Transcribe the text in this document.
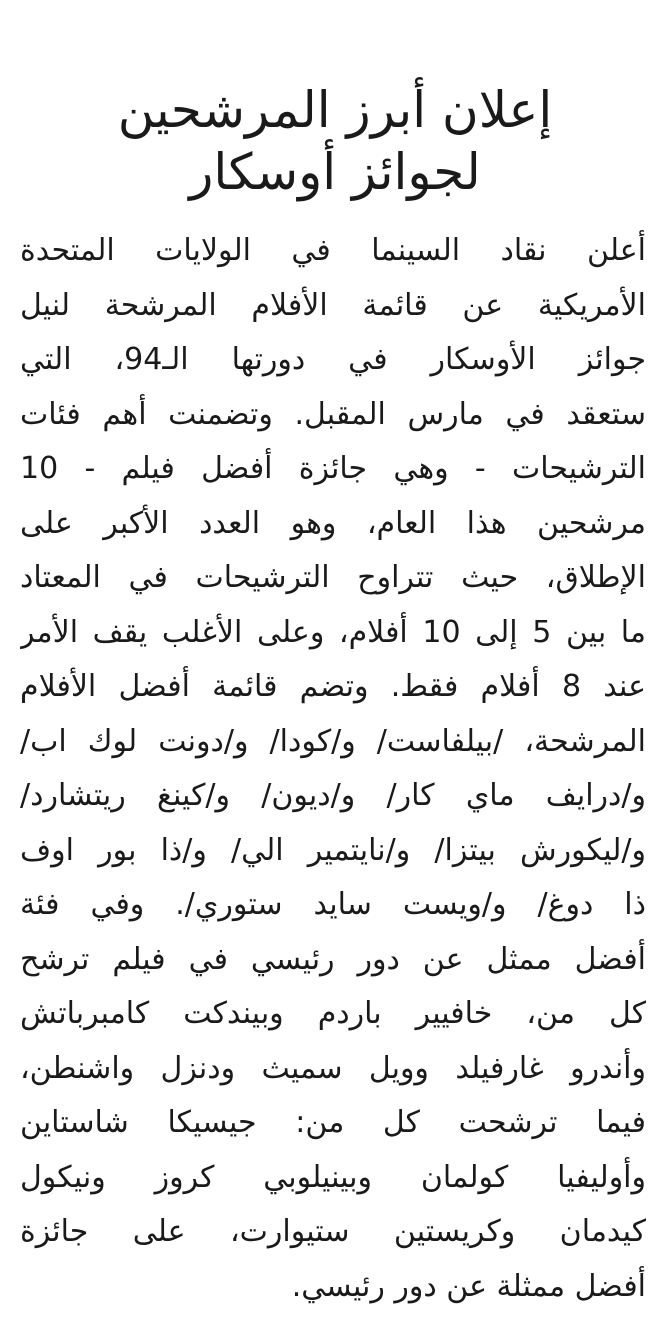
إعلان أبرز المرشحين
لجوائز أوسكار
أعلن نقاد السينما في الولايات المتحدة
الأمريكية عن قائمة الأفلام المرشحة لنيل
جوائز الأوسكار في دورتها الـ94، التي
ستعقد في مارس المقبل. وتضمنت أهم فئات
الترشيحات - وهي جائزة أفضل فيلم - 10
مرشحين هذا العام، وهو العدد الأكبر على
الإطلاق، حيث تتراوح الترشيحات في المعتاد
ما بين 5 إلى 10 أفلام، وعلى الأغلب يقف الأمر
عند 8 أفلام فقط. وتضم قائمة أفضل الأفلام
المرشحة، /بيلفاست/ و/كودا/ و/دونت لوك اب/
و/درايف ماي كار/ و/ديون/ و/كينغ ريتشارد/
و/ليكورش بيتزا/ و/نايتمير الي/ و/ذا بور اوف
ذا دوغ/ و/ويست سايد ستوري/. وفي فئة
أفضل ممثل عن دور رئيسي في فيلم ترشح
كل من، خافيير باردم وبيندكت كامبرباتش
وأندرو غارفيلد وويل سميث ودنزل واشنطن،
فيما ترشحت كل من: جيسيكا شاستاين
وأوليفيا كولمان وبينيلوبي كروز ونيكول
كيدمان وكريستين ستيوارت، على جائزة
أفضل ممثلة عن دور رئيسي.
